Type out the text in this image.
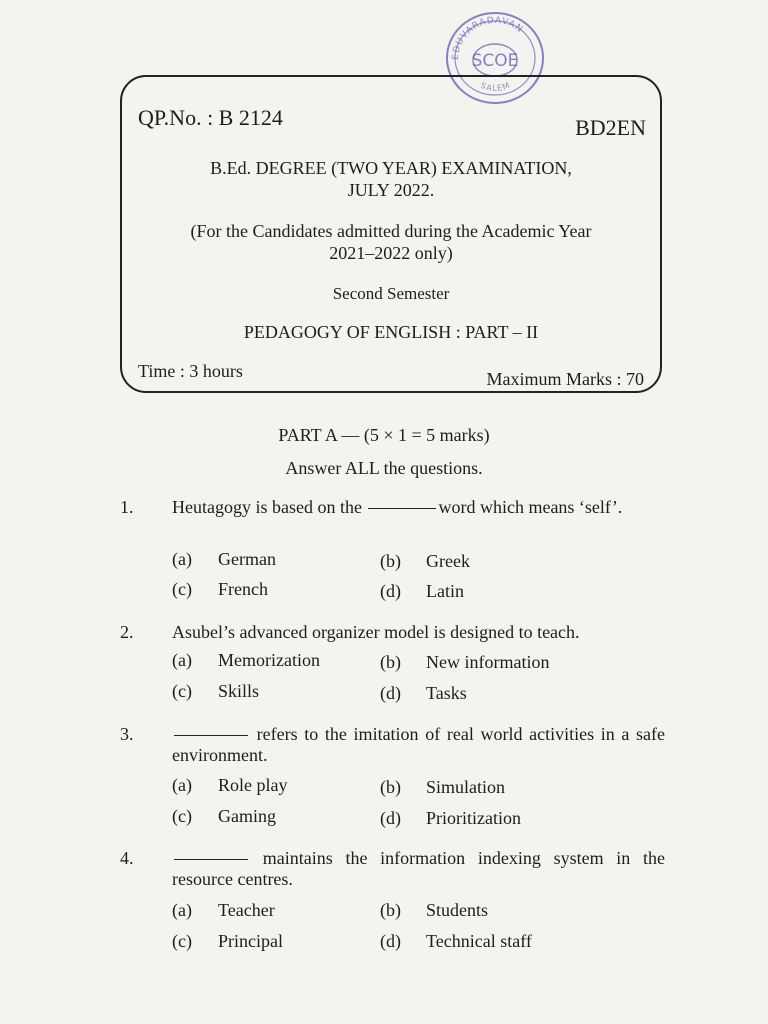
EDUVARADAVAN
SCOE
SALEM
QP.No. : B 2124	BD2EN
B.Ed. DEGREE (TWO YEAR) EXAMINATION,
JULY 2022.
(For the Candidates admitted during the Academic Year
2021–2022 only)
Second Semester
PEDAGOGY OF ENGLISH : PART – II
Time : 3 hours	Maximum Marks : 70
PART A — (5 × 1 = 5 marks)
Answer ALL the questions.
1. Heutagogy is based on the	word which means ‘self’.
(a) German	(b) Greek
(c) French	(d) Latin
2. Asubel’s advanced organizer model is designed to teach.
(a) Memorization	(b) New information
(c) Skills	(d) Tasks
3.	refers to the imitation of real world activities in a safe environment.
(a) Role play	(b) Simulation
(c) Gaming	(d) Prioritization
4.	maintains the information indexing system in the resource centres.
(a) Teacher	(b) Students
(c) Principal	(d) Technical staff
